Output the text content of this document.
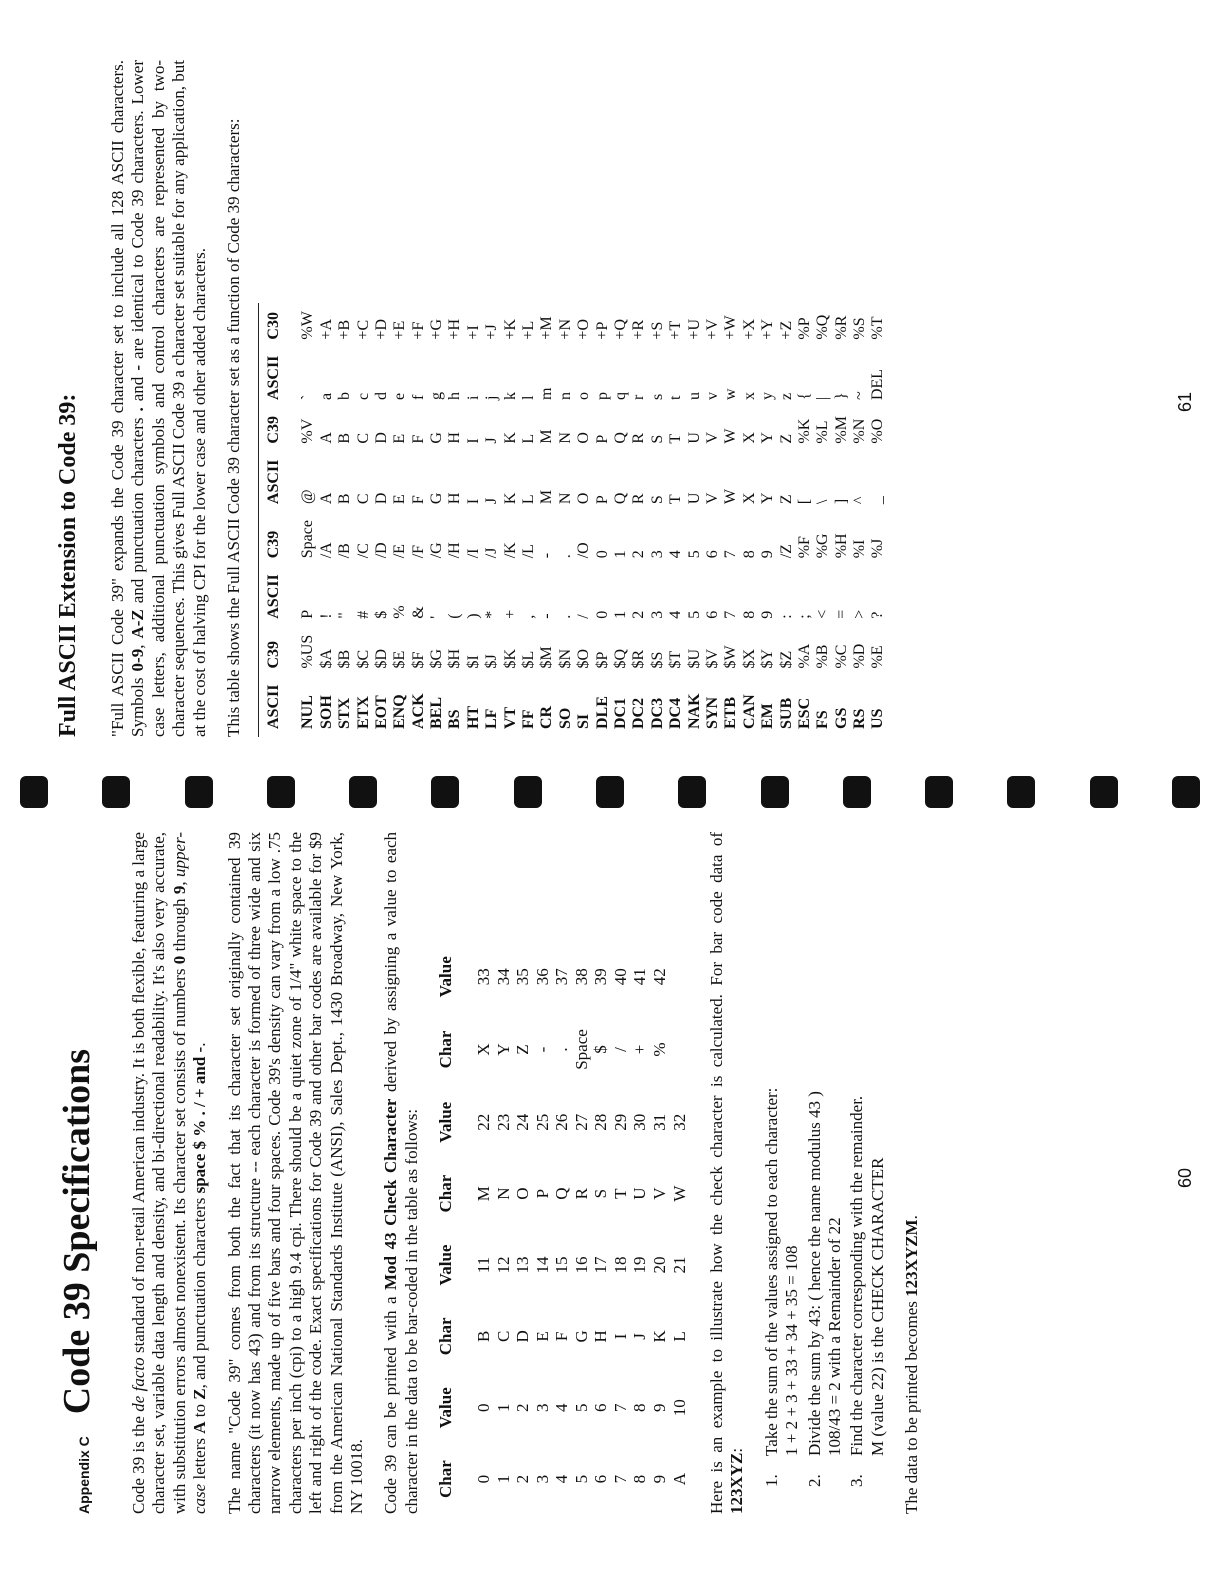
Appendix C
Code 39 Specifications

Code 39 is the de facto standard of non-retail American industry. It is both flexible, featuring a large character set, variable data length and density, and bi-directional readability. It's also very accurate, with substitution errors almost nonexistent. Its character set consists of numbers 0 through 9, upper-case letters A to Z, and punctuation characters space $ % . / + and -. The name "Code 39" comes from both the fact that its character set originally contained 39 characters (it now has 43) and from its structure -- each character is formed of three wide and six narrow elements, made up of five bars and four spaces. Code 39's density can vary from a low .75 characters per inch (cpi) to a high 9.4 cpi. There should be a quiet zone of 1/4" white space to the left and right of the code. Exact specifications for Code 39 and other bar codes are available for $9 from the American National Standards Institute (ANSI), Sales Dept., 1430 Broadway, New York, NY 10018. Code 39 can be printed with a Mod 43 Check Character derived by assigning a value to each character in the data to be bar-coded in the table as follows: Char	Value	Char	Value	Char	Value	Char	Value
0	0	B	11	M	22	X	33
1	1	C	12	N	23	Y	34
2	2	D	13	O	24	Z	35
3	3	E	14	P	25	-	36
4	4	F	15	Q	26	.	37
5	5	G	16	R	27	Space	38
6	6	H	17	S	28	$	39
7	7	I	18	T	29	/	40
8	8	J	19	U	30	+	41
9	9	K	20	V	31	%	42
A	10	L	21	W	32		Here is an example to illustrate how the check character is calculated. For bar code data of 123XYZ: 1. Take the sum of the values assigned to each character:
1 + 2 + 3 + 33 + 34 + 35 = 108 2. Divide the sum by 43: ( hence the name modulus 43 )
108/43 = 2 with a Remainder of 22 3. Find the character corresponding with the remainder.
M (value 22) is the CHECK CHARACTER The data to be printed becomes 123XYZM.

60
Full ASCII Extension to Code 39: "Full ASCII Code 39" expands the Code 39 character set to include all 128 ASCII characters. Symbols 0-9, A-Z and punctuation characters . and - are identical to Code 39 characters. Lower case letters, additional punctuation symbols and control characters are represented by two-character sequences. This gives Full ASCII Code 39 a character set suitable for any application, but at the cost of halving CPI for the lower case and other added characters. This table shows the Full ASCII Code 39 character set as a function of Code 39 characters: ASCII	C39	ASCII	C39	ASCII	C39	ASCII	C30
NUL	%US	P	Space	@	%V	`	%W
SOH	$A	!	/A	A	A	a	+A
STX	$B	"	/B	B	B	b	+B
ETX	$C	#	/C	C	C	c	+C
EOT	$D	$	/D	D	D	d	+D
ENQ	$E	%	/E	E	E	e	+E
ACK	$F	&	/F	F	F	f	+F
BEL	$G	'	/G	G	G	g	+G
BS	$H	(	/H	H	H	h	+H
HT	$I	)	/I	I	I	i	+I
LF	$J	*	/J	J	J	j	+J
VT	$K	+	/K	K	K	k	+K
FF	$L	,	/L	L	L	l	+L
CR	$M	-	-	M	M	m	+M
SO	$N	.	.	N	N	n	+N
SI	$O	/	/O	O	O	o	+O
DLE	$P	0	0	P	P	p	+P
DC1	$Q	1	1	Q	Q	q	+Q
DC2	$R	2	2	R	R	r	+R
DC3	$S	3	3	S	S	s	+S
DC4	$T	4	4	T	T	t	+T
NAK	$U	5	5	U	U	u	+U
SYN	$V	6	6	V	V	v	+V
ETB	$W	7	7	W	W	w	+W
CAN	$X	8	8	X	X	x	+X
EM	$Y	9	9	Y	Y	y	+Y
SUB	$Z	:	/Z	Z	Z	z	+Z
ESC	%A	;	%F	[	%K	{	%P
FS	%B	<	%G	\	%L	|	%Q
GS	%C	=	%H	]	%M	}	%R
RS	%D	>	%I	^	%N	~	%S
US	%E	?	%J	_	%O	DEL	%T
61
